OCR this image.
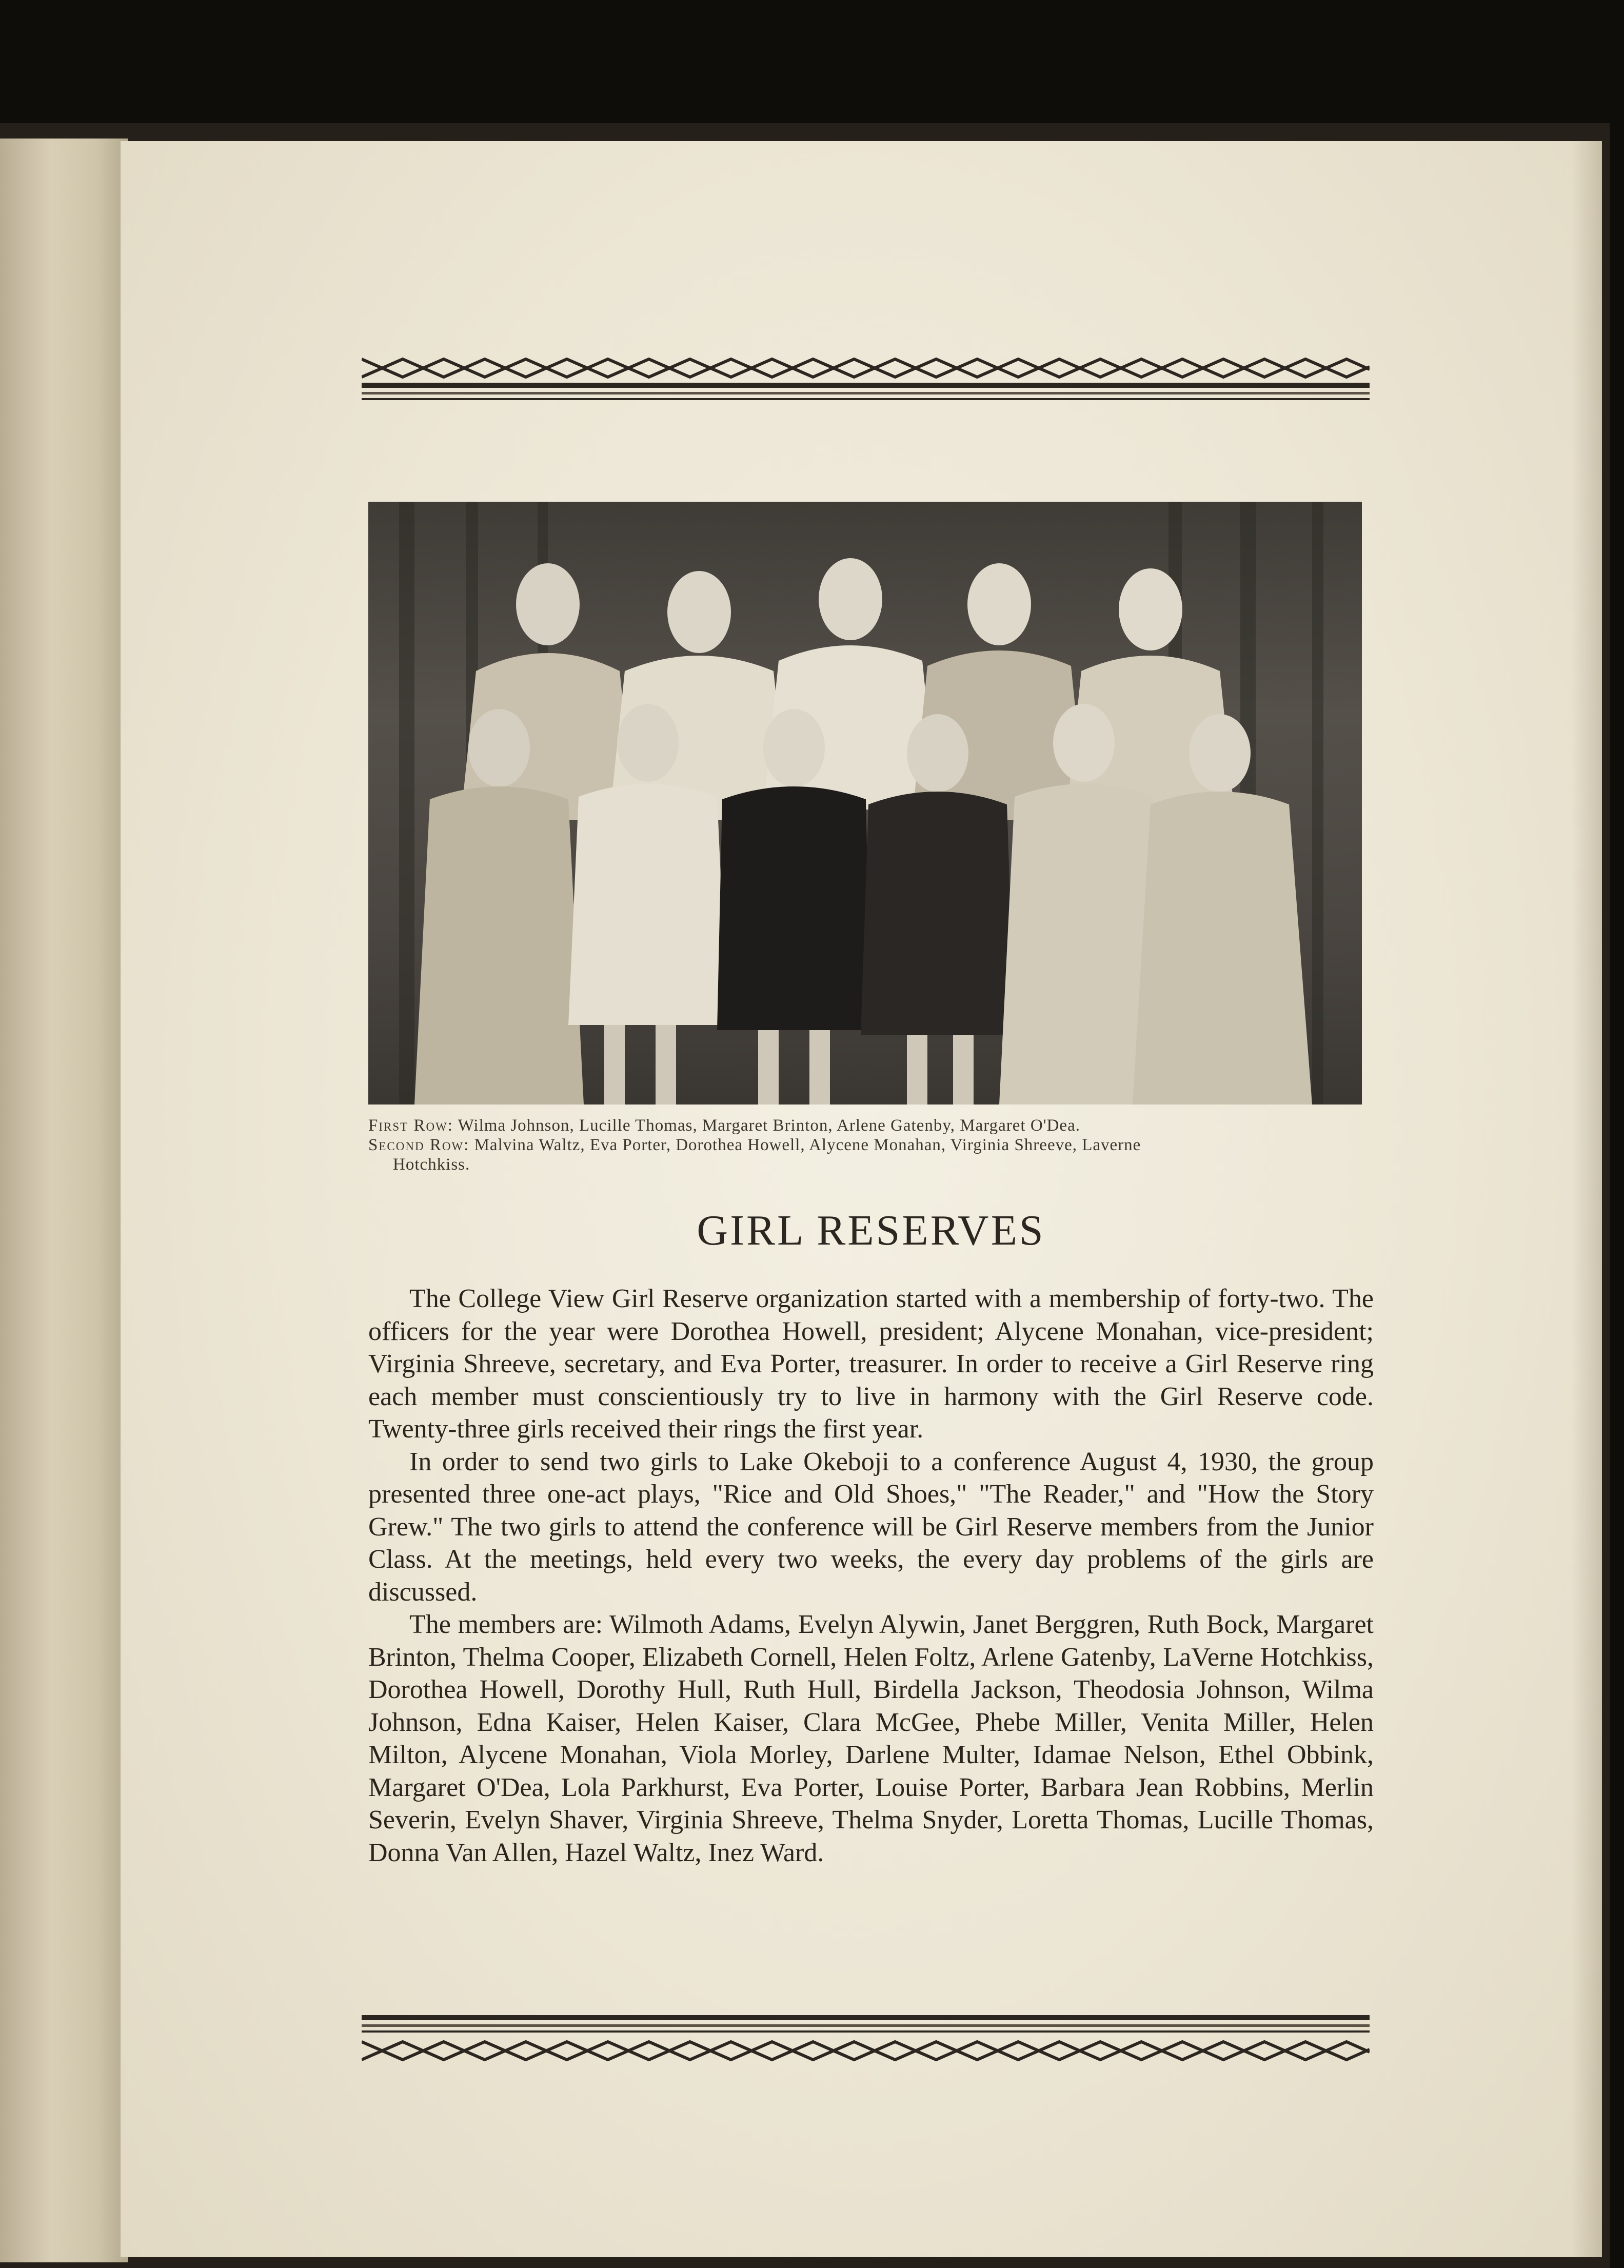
First Row: Wilma Johnson, Lucille Thomas, Margaret Brinton, Arlene Gatenby, Margaret O'Dea.
Second Row: Malvina Waltz, Eva Porter, Dorothea Howell, Alycene Monahan, Virginia Shreeve, Laverne
Hotchkiss.
GIRL RESERVES

The College View Girl Reserve organization started with a membership of forty-two. The officers for the year were Dorothea Howell, president; Alycene Monahan, vice-president; Virginia Shreeve, secretary, and Eva Porter, treasurer. In order to receive a Girl Reserve ring each member must conscientiously try to live in harmony with the Girl Reserve code. Twenty-three girls received their rings the first year.

In order to send two girls to Lake Okeboji to a conference August 4, 1930, the group presented three one-act plays, "Rice and Old Shoes," "The Reader," and "How the Story Grew." The two girls to attend the conference will be Girl Reserve members from the Junior Class. At the meetings, held every two weeks, the every day problems of the girls are discussed.

The members are: Wilmoth Adams, Evelyn Alywin, Janet Berggren, Ruth Bock, Margaret Brinton, Thelma Cooper, Elizabeth Cornell, Helen Foltz, Arlene Gatenby, LaVerne Hotchkiss, Dorothea Howell, Dorothy Hull, Ruth Hull, Birdella Jackson, Theodosia Johnson, Wilma Johnson, Edna Kaiser, Helen Kaiser, Clara McGee, Phebe Miller, Venita Miller, Helen Milton, Alycene Monahan, Viola Morley, Darlene Multer, Idamae Nelson, Ethel Obbink, Margaret O'Dea, Lola Parkhurst, Eva Porter, Louise Porter, Barbara Jean Robbins, Merlin Severin, Evelyn Shaver, Virginia Shreeve, Thelma Snyder, Loretta Thomas, Lucille Thomas, Donna Van Allen, Hazel Waltz, Inez Ward.
